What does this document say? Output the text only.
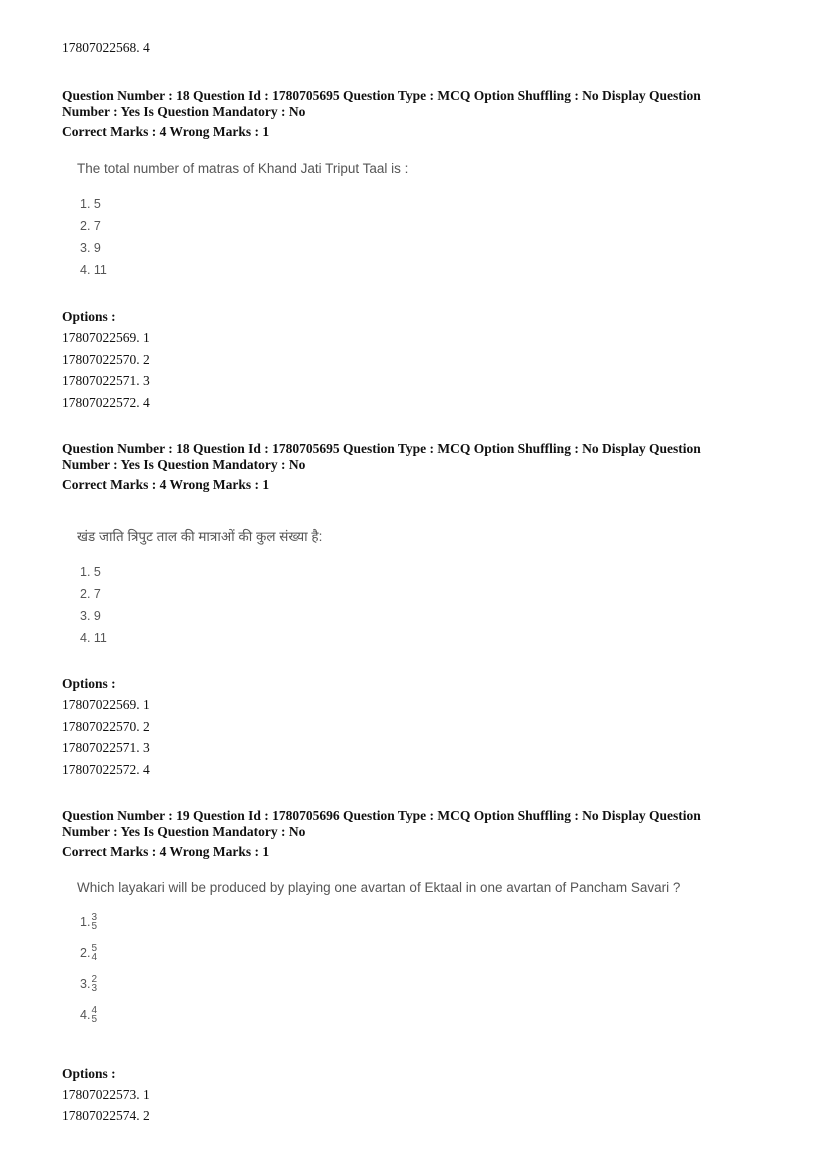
17807022568. 4
Question Number : 18 Question Id : 1780705695 Question Type : MCQ Option Shuffling : No Display Question
Number : Yes Is Question Mandatory : No
Correct Marks : 4 Wrong Marks : 1
The total number of matras of Khand Jati Triput Taal is :
1. 5
2. 7
3. 9
4. 11
Options :
17807022569. 1
17807022570. 2
17807022571. 3
17807022572. 4
Question Number : 18 Question Id : 1780705695 Question Type : MCQ Option Shuffling : No Display Question
Number : Yes Is Question Mandatory : No
Correct Marks : 4 Wrong Marks : 1
खंड जाति त्रिपुट ताल की मात्राओं की कुल संख्या है:
1. 5
2. 7
3. 9
4. 11
Options :
17807022569. 1
17807022570. 2
17807022571. 3
17807022572. 4
Question Number : 19 Question Id : 1780705696 Question Type : MCQ Option Shuffling : No Display Question
Number : Yes Is Question Mandatory : No
Correct Marks : 4 Wrong Marks : 1
Which layakari will be produced by playing one avartan of Ektaal in one avartan of Pancham Savari ?
1. 3
5
2. 5
4
3. 2
3
4. 4
5
Options :
17807022573. 1
17807022574. 2
